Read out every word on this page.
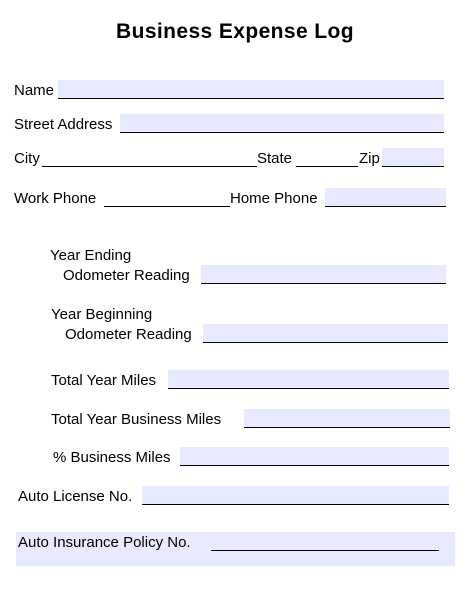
Business Expense Log
Name
Street Address
City	State	Zip
Work Phone	Home Phone
Year Ending
Odometer Reading
Year Beginning
Odometer Reading
Total Year Miles
Total Year Business Miles
% Business Miles
Auto License No.
Auto Insurance Policy No.
